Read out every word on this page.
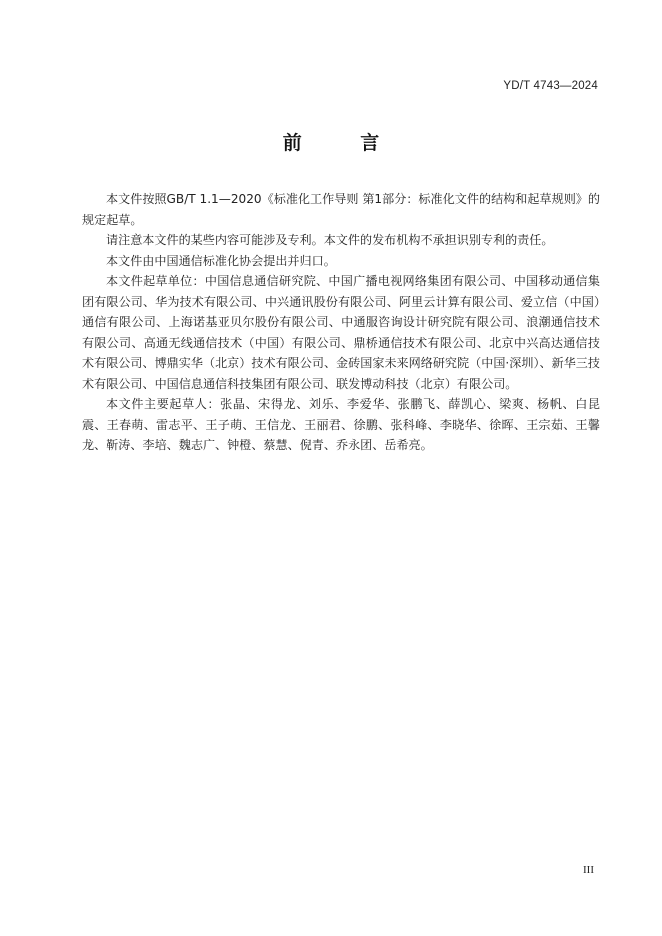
YD/T 4743—2024
前 言

本文件按照GB/T 1.1—2020《标准化工作导则 第1部分：标准化文件的结构和起草规则》的规定起草。

请注意本文件的某些内容可能涉及专利。本文件的发布机构不承担识别专利的责任。

本文件由中国通信标准化协会提出并归口。

本文件起草单位：中国信息通信研究院、中国广播电视网络集团有限公司、中国移动通信集团有限公司、华为技术有限公司、中兴通讯股份有限公司、阿里云计算有限公司、爱立信（中国）通信有限公司、上海诺基亚贝尔股份有限公司、中通服咨询设计研究院有限公司、浪潮通信技术有限公司、高通无线通信技术（中国）有限公司、鼎桥通信技术有限公司、北京中兴高达通信技术有限公司、博鼎实华（北京）技术有限公司、金砖国家未来网络研究院（中国·深圳）、新华三技术有限公司、中国信息通信科技集团有限公司、联发博动科技（北京）有限公司。

本文件主要起草人：张晶、宋得龙、刘乐、李爱华、张鹏飞、薛凯心、梁爽、杨帆、白昆震、王春萌、雷志平、王子萌、王信龙、王丽君、徐鹏、张科峰、李晓华、徐晖、王宗茹、王馨龙、靳涛、李培、魏志广、钟橙、蔡慧、倪青、乔永团、岳希亮。

III
